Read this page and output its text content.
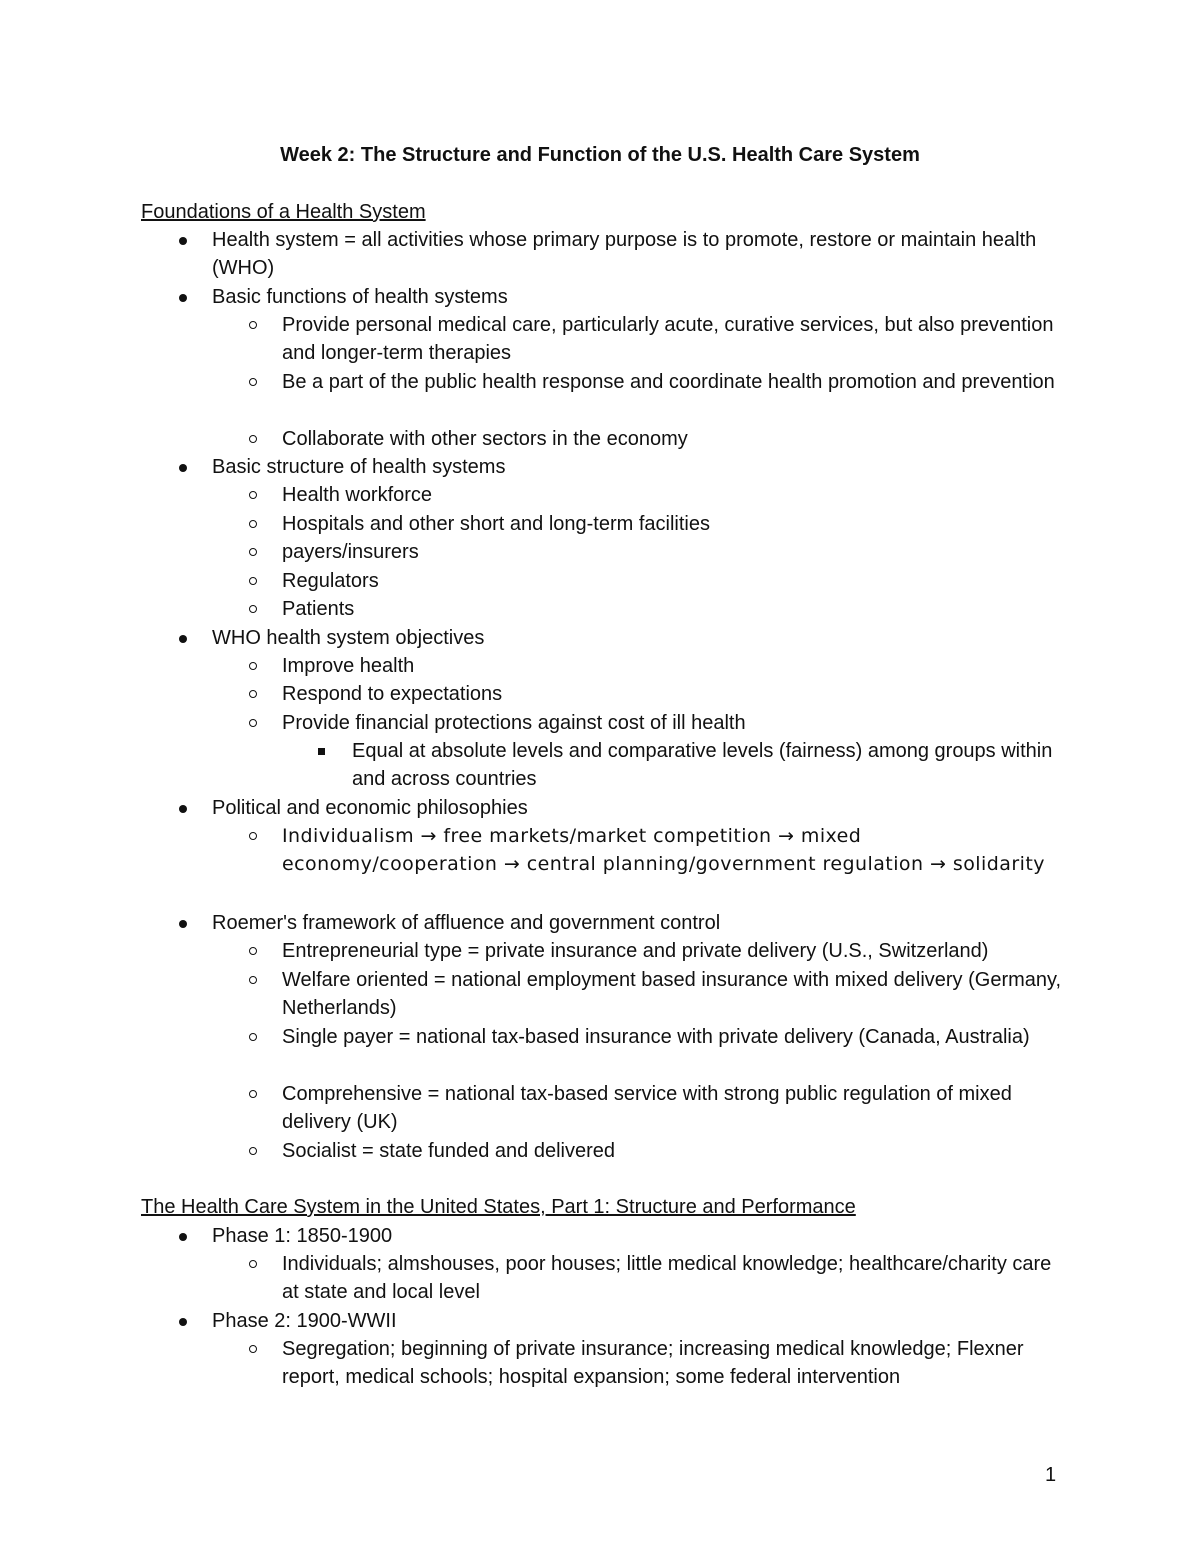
Week 2: The Structure and Function of the U.S. Health Care System
Foundations of a Health System
Health system = all activities whose primary purpose is to promote, restore or maintain health (WHO)
Basic functions of health systems
Provide personal medical care, particularly acute, curative services, but also prevention and longer-term therapies
Be a part of the public health response and coordinate health promotion and prevention
Collaborate with other sectors in the economy
Basic structure of health systems
Health workforce
Hospitals and other short and long-term facilities
payers/insurers
Regulators
Patients
WHO health system objectives
Improve health
Respond to expectations
Provide financial protections against cost of ill health
Equal at absolute levels and comparative levels (fairness) among groups within and across countries
Political and economic philosophies
Individualism → free markets/market competition → mixed economy/cooperation → central planning/government regulation → solidarity
Roemer's framework of affluence and government control
Entrepreneurial type = private insurance and private delivery (U.S., Switzerland)
Welfare oriented = national employment based insurance with mixed delivery (Germany, Netherlands)
Single payer = national tax-based insurance with private delivery (Canada, Australia)
Comprehensive = national tax-based service with strong public regulation of mixed delivery (UK)
Socialist = state funded and delivered
The Health Care System in the United States, Part 1: Structure and Performance
Phase 1: 1850-1900
Individuals; almshouses, poor houses; little medical knowledge; healthcare/charity care at state and local level
Phase 2: 1900-WWII
Segregation; beginning of private insurance; increasing medical knowledge; Flexner report, medical schools; hospital expansion; some federal intervention
1
